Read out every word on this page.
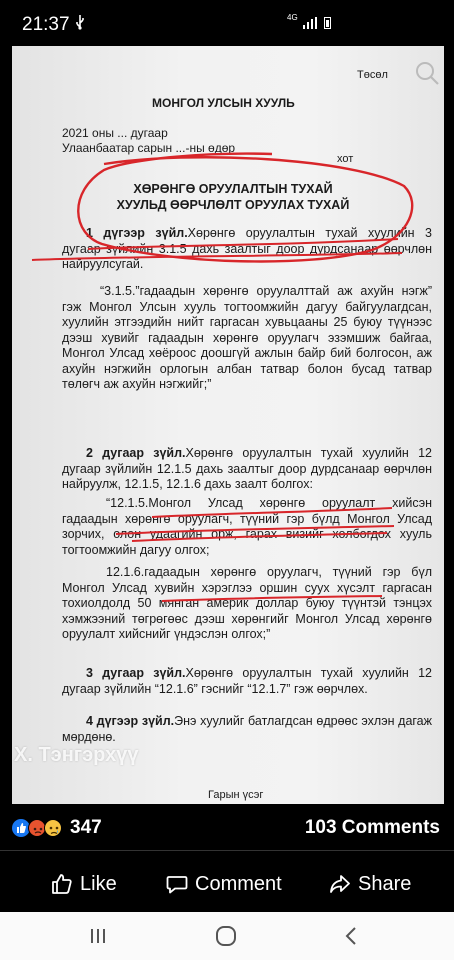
21:37	4G
Төсөл
МОНГОЛ УЛСЫН ХУУЛЬ
2021 оны ... дугаар
Улаанбаатар сарын ...-ны өдөр
хот
ХӨРӨНГӨ ОРУУЛАЛТЫН ТУХАЙ
ХУУЛЬД ӨӨРЧЛӨЛТ ОРУУЛАХ ТУХАЙ
1 дүгээр зүйл.Хөрөнгө оруулалтын тухай хуулийн 3 дугаар зүйлийн 3.1.5 дахь заалтыг доор дурдсанаар өөрчлөн найруулсугай.
“3.1.5.”гадаадын хөрөнгө оруулалттай аж ахуйн нэгж” гэж Монгол Улсын хууль тогтоомжийн дагуу байгуулагдсан, хуулийн этгээдийн нийт гаргасан хувьцааны 25 буюу түүнээс дээш хувийг гадаадын хөрөнгө оруулагч эзэмшиж байгаа, Монгол Улсад хөёроос доошгүй ажлын байр бий болгосон, аж ахуйн нэгжийн орлогын албан татвар болон бусад татвар төлөгч аж ахуйн нэгжийг;”
2 дугаар зүйл.Хөрөнгө оруулалтын тухай хуулийн 12 дугаар зүйлийн 12.1.5 дахь заалтыг доор дурдсанаар өөрчлөн найруулж, 12.1.5, 12.1.6 дахь заалт болгох:
“12.1.5.Монгол Улсад хөрөнгө оруулалт хийсэн гадаадын хөрөнгө оруулагч, түүний гэр бүлд Монгол Улсад зорчих, олон удаагийн орж, гарах визийг холбогдох хууль тогтоомжийн дагуу олгох;
12.1.6.гадаадын хөрөнгө оруулагч, түүний гэр бүл Монгол Улсад хувийн хэрэглээ оршин суух хүсэлт гаргасан тохиолдолд 50 мянган америк доллар буюу түүнтэй тэнцэх хэмжээний төгрөгөөс дээш хөрөнгийг Монгол Улсад хөрөнгө оруулалт хийснийг үндэслэн олгох;”
3 дугаар зүйл.Хөрөнгө оруулалтын тухай хуулийн 12 дугаар зүйлийн “12.1.6” гэснийг “12.1.7” гэж өөрчлөх.
4 дүгээр зүйл.Энэ хуулийг батлагдсан өдрөөс эхлэн дагаж мөрдөнө.
Гарын үсэг
Х. Тэнгэрхүү
347	103 Comments
Like	Comment	Share
